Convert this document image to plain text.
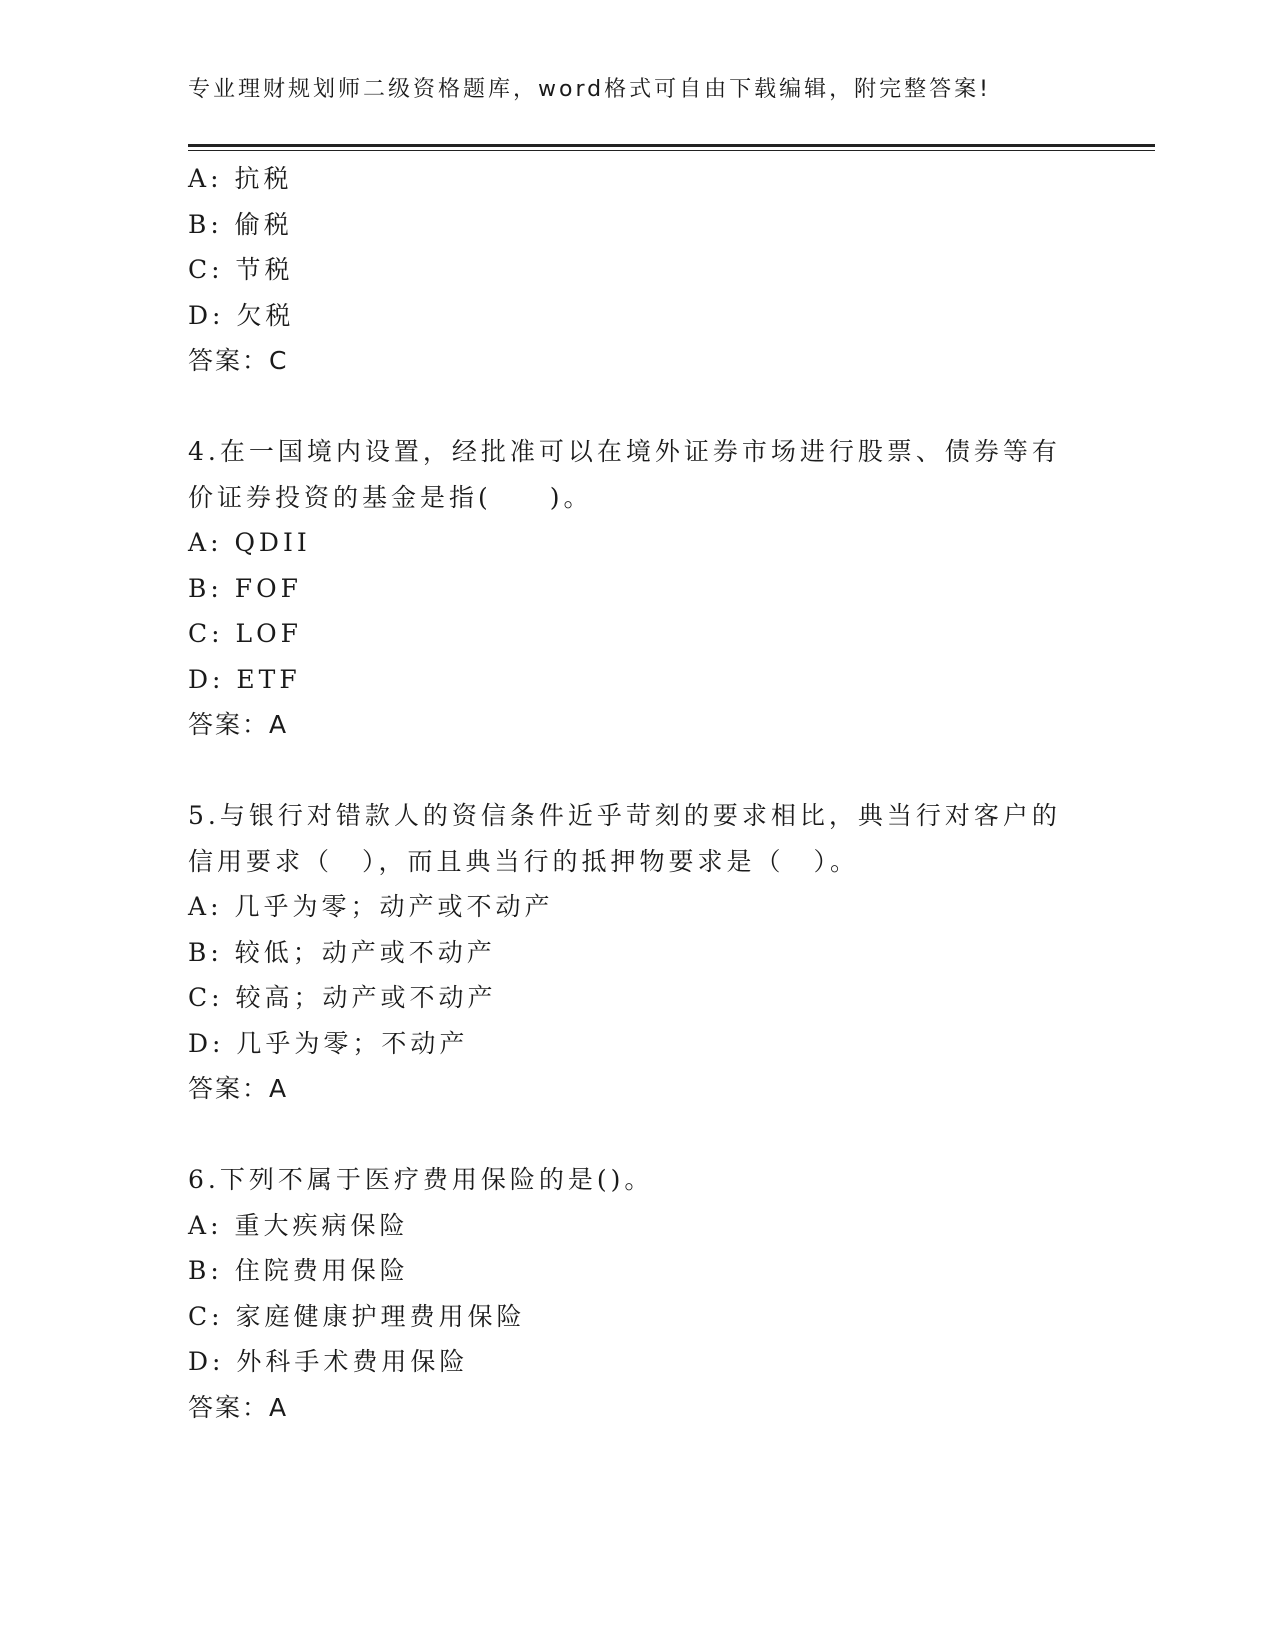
专业理财规划师二级资格题库，word格式可自由下载编辑，附完整答案!
A: 抗税
B: 偷税
C: 节税
D: 欠税
答案：C
4.在一国境内设置，经批准可以在境外证券市场进行股票、债券等有
价证券投资的基金是指(　　)。
A: QDII
B: FOF
C: LOF
D: ETF
答案：A
5.与银行对错款人的资信条件近乎苛刻的要求相比，典当行对客户的
信用要求（　），而且典当行的抵押物要求是（　）。
A: 几乎为零；动产或不动产
B: 较低；动产或不动产
C: 较高；动产或不动产
D: 几乎为零；不动产
答案：A
6.下列不属于医疗费用保险的是()。
A: 重大疾病保险
B: 住院费用保险
C: 家庭健康护理费用保险
D: 外科手术费用保险
答案：A
